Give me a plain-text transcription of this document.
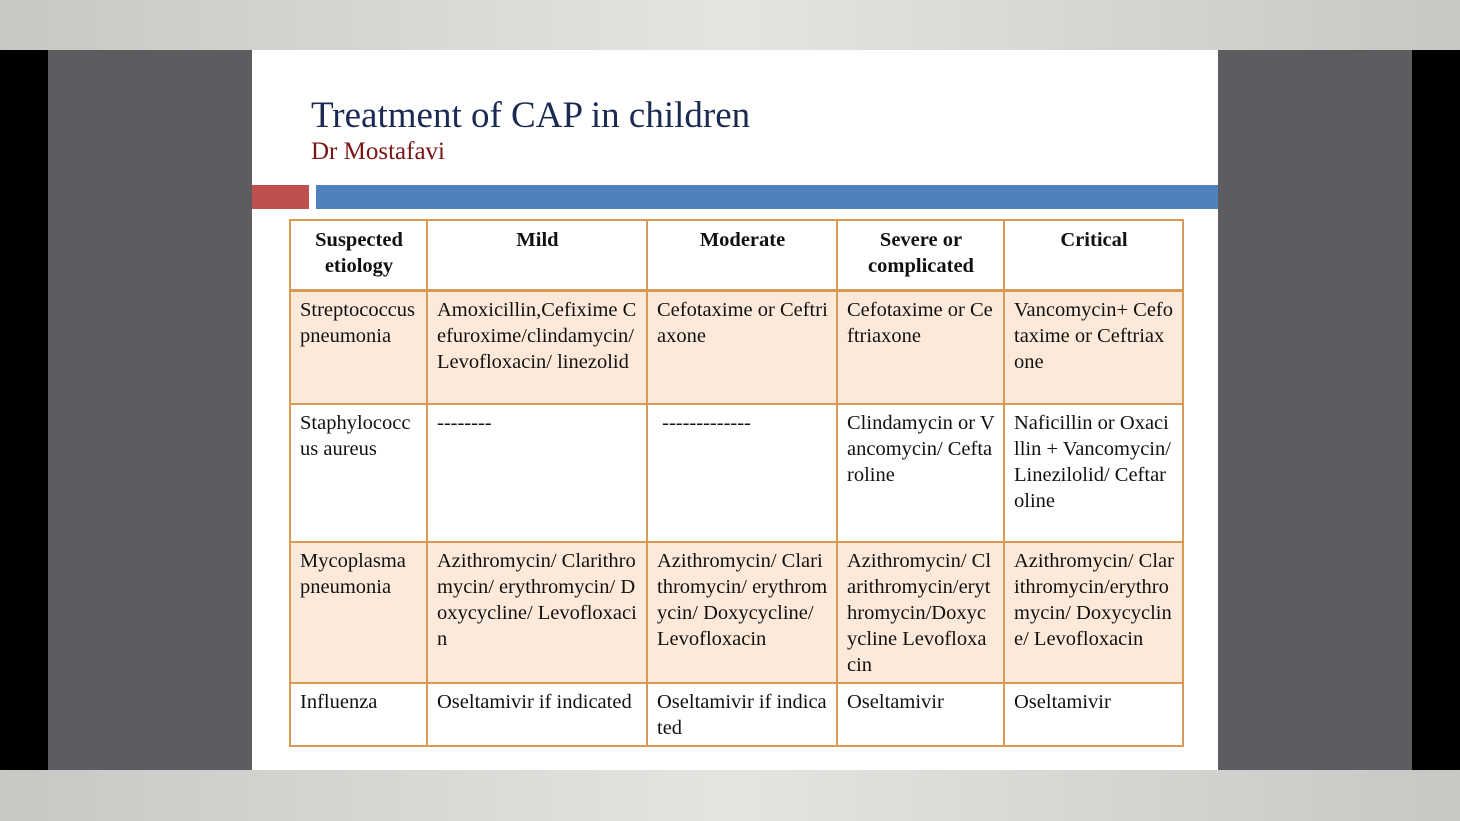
Treatment of CAP in children
Dr Mostafavi
Suspected etiology	Mild	Moderate	Severe or complicated	Critical
Streptococcus pneumonia	Amoxicillin,Cefixime Cefuroxime/clindamycin/ Levofloxacin/ linezolid	Cefotaxime or Ceftriaxone	Cefotaxime or Ceftriaxone	Vancomycin+ Cefotaxime or Ceftriaxone
Staphylococcus aureus	--------	-------------	Clindamycin or Vancomycin/ Ceftaroline	Naficillin or Oxacillin + Vancomycin/ Linezilolid/ Ceftaroline
Mycoplasma pneumonia	Azithromycin/ Clarithromycin/ erythromycin/ Doxycycline/ Levofloxacin	Azithromycin/ Clarithromycin/ erythromycin/ Doxycycline/ Levofloxacin	Azithromycin/ Clarithromycin/erythromycin/Doxycycline Levofloxacin	Azithromycin/ Clarithromycin/erythromycin/ Doxycycline/ Levofloxacin
Influenza	Oseltamivir if indicated	Oseltamivir if indicated	Oseltamivir	Oseltamivir
